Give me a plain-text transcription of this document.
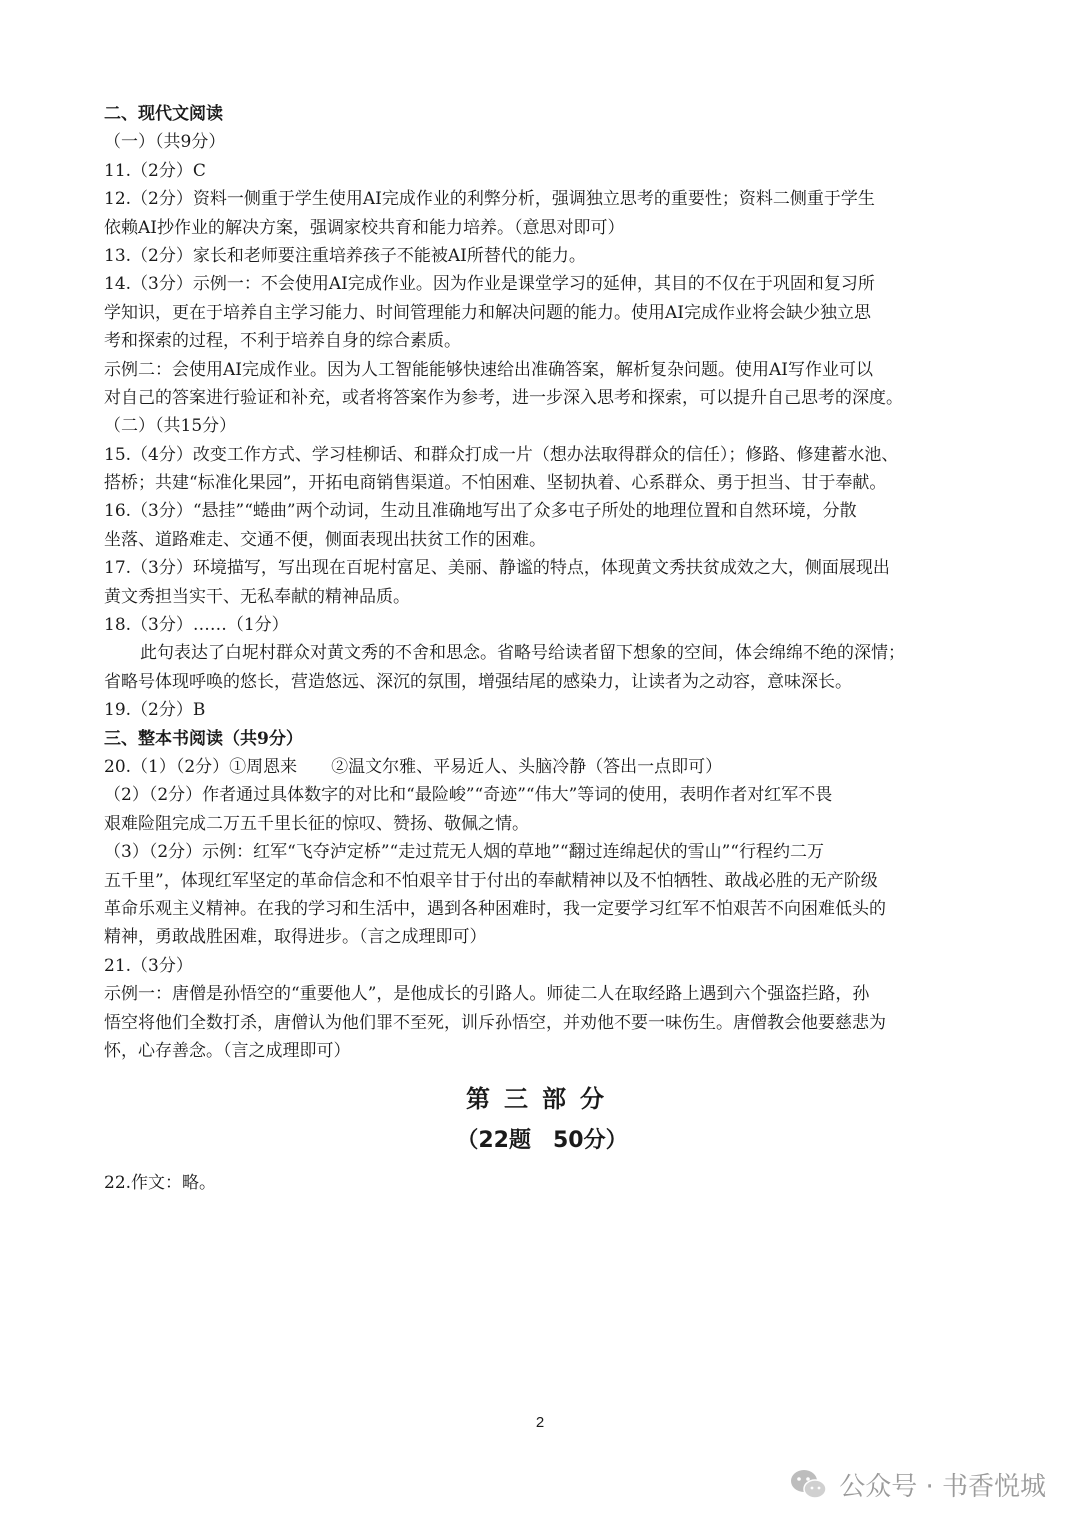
二、现代文阅读
（一）（共9分）
11.（2分）C
12.（2分）资料一侧重于学生使用AI完成作业的利弊分析，强调独立思考的重要性；资料二侧重于学生
依赖AI抄作业的解决方案，强调家校共育和能力培养。（意思对即可）
13.（2分）家长和老师要注重培养孩子不能被AI所替代的能力。
14.（3分）示例一：不会使用AI完成作业。因为作业是课堂学习的延伸，其目的不仅在于巩固和复习所
学知识，更在于培养自主学习能力、时间管理能力和解决问题的能力。使用AI完成作业将会缺少独立思
考和探索的过程，不利于培养自身的综合素质。
示例二：会使用AI完成作业。因为人工智能能够快速给出准确答案，解析复杂问题。使用AI写作业可以
对自己的答案进行验证和补充，或者将答案作为参考，进一步深入思考和探索，可以提升自己思考的深度。
（二）（共15分）
15.（4分）改变工作方式、学习桂柳话、和群众打成一片（想办法取得群众的信任）；修路、修建蓄水池、
搭桥；共建“标准化果园”，开拓电商销售渠道。不怕困难、坚韧执着、心系群众、勇于担当、甘于奉献。
16.（3分）“悬挂”“蜷曲”两个动词，生动且准确地写出了众多屯子所处的地理位置和自然环境，分散
坐落、道路难走、交通不便，侧面表现出扶贫工作的困难。
17.（3分）环境描写，写出现在百坭村富足、美丽、静谧的特点，体现黄文秀扶贫成效之大，侧面展现出
黄文秀担当实干、无私奉献的精神品质。
18.（3分）……（1分）
此句表达了白坭村群众对黄文秀的不舍和思念。省略号给读者留下想象的空间，体会绵绵不绝的深情；
省略号体现呼唤的悠长，营造悠远、深沉的氛围，增强结尾的感染力，让读者为之动容，意味深长。
19.（2分）B
三、整本书阅读（共9分）
20.（1）（2分）①周恩来　　②温文尔雅、平易近人、头脑冷静（答出一点即可）
（2）（2分）作者通过具体数字的对比和“最险峻”“奇迹”“伟大”等词的使用，表明作者对红军不畏
艰难险阻完成二万五千里长征的惊叹、赞扬、敬佩之情。
（3）（2分）示例：红军“飞夺泸定桥”“走过荒无人烟的草地”“翻过连绵起伏的雪山”“行程约二万
五千里”，体现红军坚定的革命信念和不怕艰辛甘于付出的奉献精神以及不怕牺牲、敢战必胜的无产阶级
革命乐观主义精神。在我的学习和生活中，遇到各种困难时，我一定要学习红军不怕艰苦不向困难低头的
精神，勇敢战胜困难，取得进步。（言之成理即可）
21.（3分）
示例一：唐僧是孙悟空的“重要他人”，是他成长的引路人。师徒二人在取经路上遇到六个强盗拦路，孙
悟空将他们全数打杀，唐僧认为他们罪不至死，训斥孙悟空，并劝他不要一味伤生。唐僧教会他要慈悲为
怀，心存善念。（言之成理即可）
第三部分
（22题　50分）
22.作文：略。
2
公众号 · 书香悦城
